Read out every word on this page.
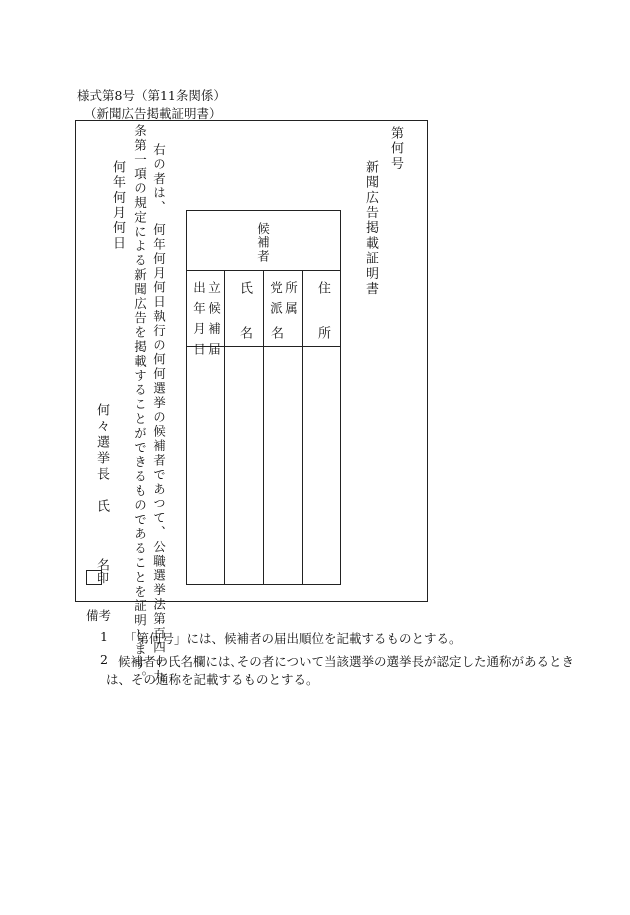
様式第8号（第11条関係）
（新聞広告掲載証明書）
第何号
新聞広告掲載証明書
候補者
住
所
所属
党派
名
氏
名
立候補届
出年月日
右の者は、　何年何月何日執行の何何選挙の候補者であつて、公職選挙法第百四十九
条第一項の規定による新聞広告を掲載することができるものであることを証明します。
何年何月何日
何々選挙長　氏
名
印
備考
1 「第何号」には、候補者の届出順位を記載するものとする。
2 候補者の氏名欄には､その者について当該選挙の選挙長が認定した通称があるとき
は、その通称を記載するものとする。
